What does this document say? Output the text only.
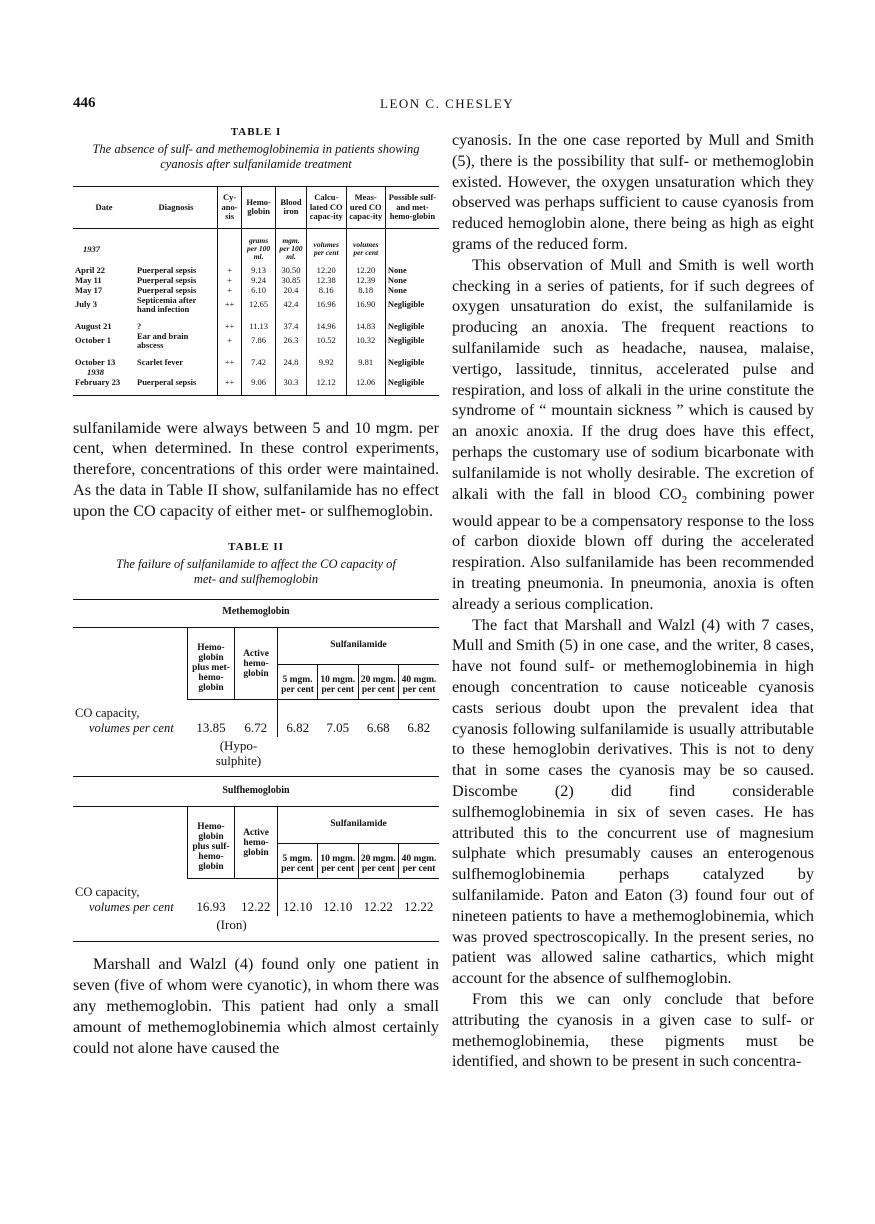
446	LEON C. CHESLEY
TABLE I
The absence of sulf- and methemoglobinemia in patients showing cyanosis after sulfanilamide treatment
Date	Diagnosis	Cy-ano-sis	Hemo-globin	Blood iron	Calcu-lated CO capac-ity	Meas-ured CO capac-ity	Possible sulf- and met-hemo-globin
1937			grams per 100 ml.	mgm. per 100 ml.	volumes per cent	volumes per cent	
April 22	Puerperal sepsis	+	9.13	30.50	12.20	12.20	None
May 11	Puerperal sepsis	+	9.24	30.85	12.38	12.39	None
May 17	Puerperal sepsis	+	6.10	20.4	8.16	8.18	None
July 3	Septicemia after hand infection	++	12.65	42.4	16.96	16.90	Negligible
August 21	?	++	11.13	37.4	14.96	14.83	Negligible
October 1	Ear and brain abscess	+	7.86	26.3	10.52	10.32	Negligible
October 13	Scarlet fever	++	7.42	24.8	9.92	9.81	Negligible
1938							
February 23	Puerperal sepsis	++	9.06	30.3	12.12	12.06	Negligible

sulfanilamide were always between 5 and 10 mgm. per cent, when determined. In these control experiments, therefore, concentrations of this order were maintained. As the data in Table II show, sulfanilamide has no effect upon the CO capacity of either met- or sulfhemoglobin.

TABLE II
The failure of sulfanilamide to affect the CO capacity of met- and sulfhemoglobin
Methemoglobin						
	Hemo-globin plus met-hemo-globin	Active hemo-globin	Sulfanilamide			
			5 mgm. per cent	10 mgm. per cent	20 mgm. per cent	40 mgm. per cent
CO capacity,
volumes per cent	13.85	6.72	6.82	7.05	6.68	6.82
	(Hypo-sulphite)					
Sulfhemoglobin						
	Hemo-globin plus sulf-hemo-globin	Active hemo-globin	Sulfanilamide			
			5 mgm. per cent	10 mgm. per cent	20 mgm. per cent	40 mgm. per cent
CO capacity,
volumes per cent	16.93	12.22	12.10	12.10	12.22	12.22
	(Iron)					

Marshall and Walzl (4) found only one patient in seven (five of whom were cyanotic), in whom there was any methemoglobin. This patient had only a small amount of methemoglobinemia which almost certainly could not alone have caused the

cyanosis. In the one case reported by Mull and Smith (5), there is the possibility that sulf- or methemoglobin existed. However, the oxygen unsaturation which they observed was perhaps sufficient to cause cyanosis from reduced hemoglobin alone, there being as high as eight grams of the reduced form.

This observation of Mull and Smith is well worth checking in a series of patients, for if such degrees of oxygen unsaturation do exist, the sulfanilamide is producing an anoxia. The frequent reactions to sulfanilamide such as headache, nausea, malaise, vertigo, lassitude, tinnitus, accelerated pulse and respiration, and loss of alkali in the urine constitute the syndrome of “ mountain sickness ” which is caused by an anoxic anoxia. If the drug does have this effect, perhaps the customary use of sodium bicarbonate with sulfanilamide is not wholly desirable. The excretion of alkali with the fall in blood $CO_2$ combining power would appear to be a compensatory response to the loss of carbon dioxide blown off during the accelerated respiration. Also sulfanilamide has been recommended in treating pneumonia. In pneumonia, anoxia is often already a serious complication.

The fact that Marshall and Walzl (4) with 7 cases, Mull and Smith (5) in one case, and the writer, 8 cases, have not found sulf- or methemoglobinemia in high enough concentration to cause noticeable cyanosis casts serious doubt upon the prevalent idea that cyanosis following sulfanilamide is usually attributable to these hemoglobin derivatives. This is not to deny that in some cases the cyanosis may be so caused. Discombe (2) did find considerable sulfhemoglobinemia in six of seven cases. He has attributed this to the concurrent use of magnesium sulphate which presumably causes an enterogenous sulfhemoglobinemia perhaps catalyzed by sulfanilamide. Paton and Eaton (3) found four out of nineteen patients to have a methemoglobinemia, which was proved spectroscopically. In the present series, no patient was allowed saline cathartics, which might account for the absence of sulfhemoglobin.

From this we can only conclude that before attributing the cyanosis in a given case to sulf- or methemoglobinemia, these pigments must be identified, and shown to be present in such concentra-
